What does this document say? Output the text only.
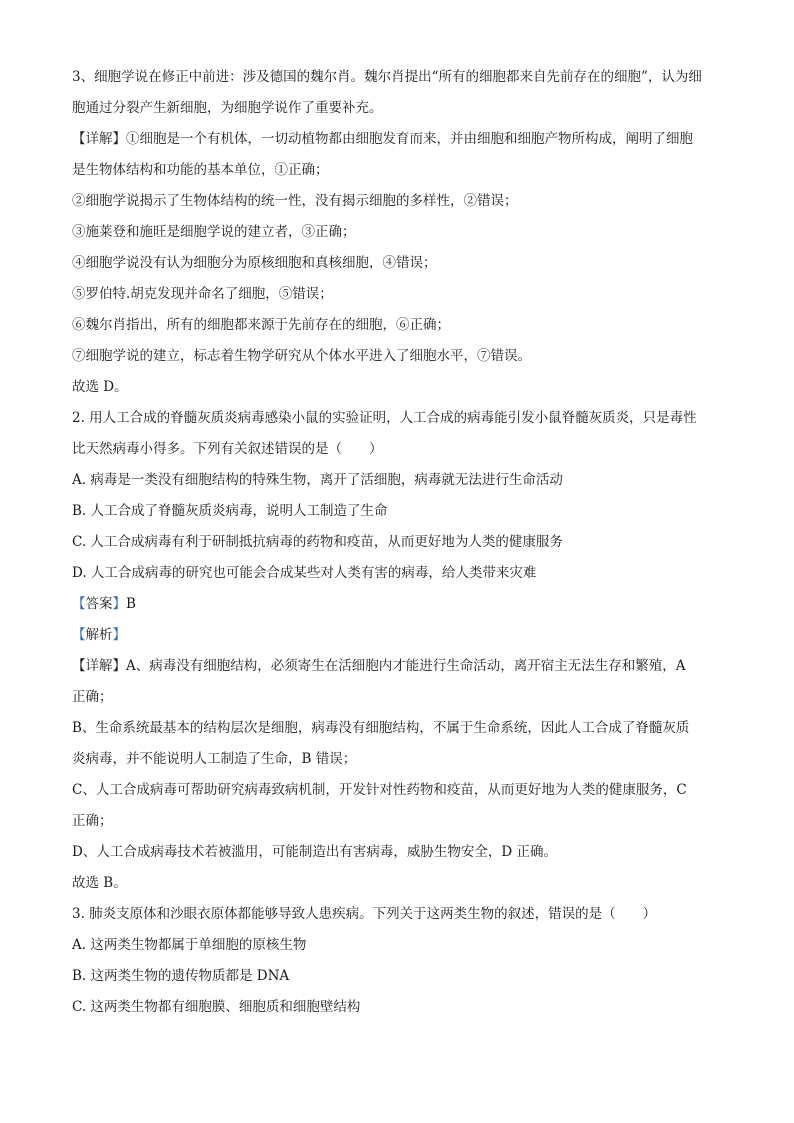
3、细胞学说在修正中前进：涉及德国的魏尔肖。魏尔肖提出“所有的细胞都来自先前存在的细胞”，认为细
胞通过分裂产生新细胞，为细胞学说作了重要补充。
【详解】①细胞是一个有机体，一切动植物都由细胞发育而来，并由细胞和细胞产物所构成，阐明了细胞
是生物体结构和功能的基本单位，①正确；
②细胞学说揭示了生物体结构的统一性，没有揭示细胞的多样性，②错误；
③施莱登和施旺是细胞学说的建立者，③正确；
④细胞学说没有认为细胞分为原核细胞和真核细胞，④错误；
⑤罗伯特.胡克发现并命名了细胞，⑤错误；
⑥魏尔肖指出，所有的细胞都来源于先前存在的细胞，⑥正确；
⑦细胞学说的建立，标志着生物学研究从个体水平进入了细胞水平，⑦错误。
故选 D。
2. 用人工合成的脊髓灰质炎病毒感染小鼠的实验证明，人工合成的病毒能引发小鼠脊髓灰质炎，只是毒性
比天然病毒小得多。下列有关叙述错误的是（　　）
A. 病毒是一类没有细胞结构的特殊生物，离开了活细胞，病毒就无法进行生命活动
B. 人工合成了脊髓灰质炎病毒，说明人工制造了生命
C. 人工合成病毒有利于研制抵抗病毒的药物和疫苗，从而更好地为人类的健康服务
D. 人工合成病毒的研究也可能会合成某些对人类有害的病毒，给人类带来灾难
【答案】B
【解析】
【详解】A、病毒没有细胞结构，必须寄生在活细胞内才能进行生命活动，离开宿主无法生存和繁殖，A
正确；
B、生命系统最基本的结构层次是细胞，病毒没有细胞结构，不属于生命系统，因此人工合成了脊髓灰质
炎病毒，并不能说明人工制造了生命，B 错误；
C、人工合成病毒可帮助研究病毒致病机制，开发针对性药物和疫苗，从而更好地为人类的健康服务，C
正确；
D、人工合成病毒技术若被滥用，可能制造出有害病毒，威胁生物安全，D 正确。
故选 B。
3. 肺炎支原体和沙眼衣原体都能够导致人患疾病。下列关于这两类生物的叙述，错误的是（　　）
A. 这两类生物都属于单细胞的原核生物
B. 这两类生物的遗传物质都是 DNA
C. 这两类生物都有细胞膜、细胞质和细胞壁结构
